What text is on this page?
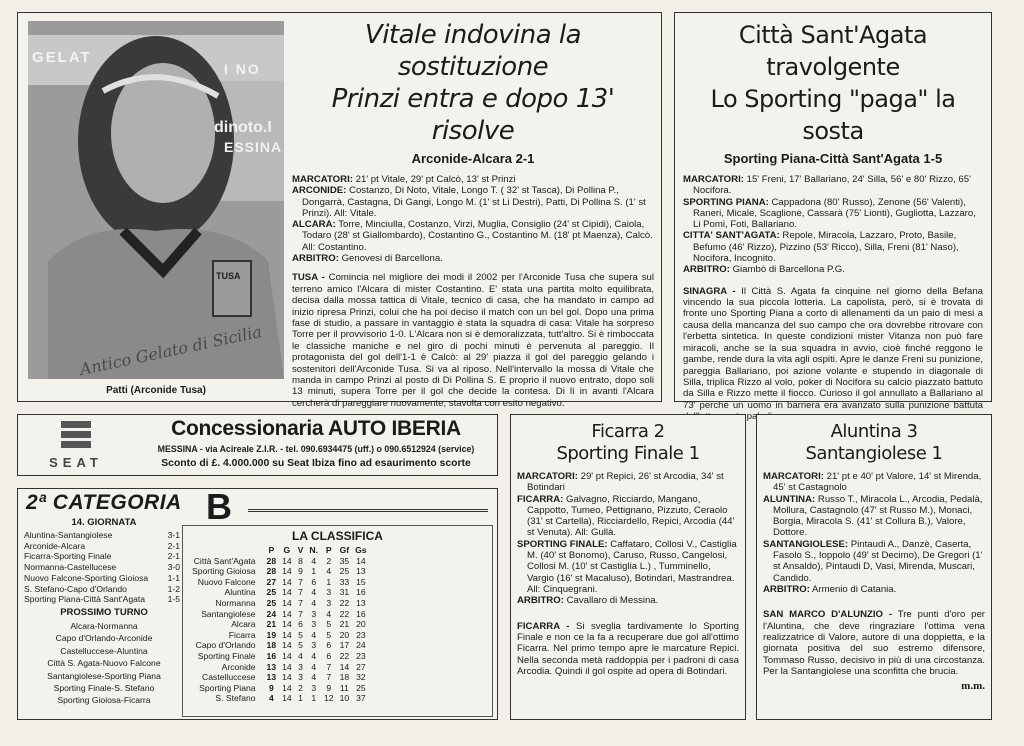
GELAT
I NO
dinoto.I
ESSINA
Antico Gelato di Sicilia
TUSA
Patti (Arconide Tusa)
Vitale indovina la sostituzione
Prinzi entra e dopo 13' risolve
Arconide-Alcara 2-1

MARCATORI: 21' pt Vitale, 29' pt Calcò, 13' st Prinzi

ARCONIDE: Costanzo, Di Noto, Vitale, Longo T. ( 32' st Tasca), Di Pollina P., Dongarrà, Castagna, Di Gangi, Longo M. (1' st Li Destri), Patti, Di Pollina S. (1' st Prinzi). All: Vitale.

ALCARA: Torre, Minciulla, Costanzo, Virzi, Muglia, Consiglio (24' st Cipidi), Caiola, Todaro (28' st Giallombardo), Costantino G., Costantino M. (18' pt Maenza), Calcò. All: Costantino.

ARBITRO: Genovesi di Barcellona.

TUSA - Comincia nel migliore dei modi il 2002 per l'Arconide Tusa che supera sul terreno amico l'Alcara di mister Costantino. E' stata una partita molto equilibrata, decisa dalla mossa tattica di Vitale, tecnico di casa, che ha mandato in campo ad inizio ripresa Prinzi, colui che ha poi deciso il match con un bel gol. Dopo una prima fase di studio, a passare in vantaggio è stata la squadra di casa: Vitale ha sorpreso Torre per il provvisorio 1-0. L'Alcara non si è demoralizzata, tutt'altro. Si è rimboccata le classiche maniche e nel giro di pochi minuti è pervenuta al pareggio. Il protagonista del gol dell'1-1 è Calcò: al 29' piazza il gol del pareggio gelando i sostenitori dell'Arconide Tusa. Si va al riposo. Nell'intervallo la mossa di Vitale che manda in campo Prinzi al posto di Di Pollina S. E proprio il nuovo entrato, dopo soli 13 minuti, supera Torre per il gol che decide la contesa. Di lì in avanti l'Alcara cercherà di pareggiare nuovamente, stavolta con esito negativo.

Città Sant'Agata travolgente
Lo Sporting "paga" la sosta
Sporting Piana-Città Sant'Agata 1-5

MARCATORI: 15' Freni, 17' Ballariano, 24' Silla, 56' e 80' Rizzo, 65' Nocifora.

SPORTING PIANA: Cappadona (80' Russo), Zenone (56' Valenti), Raneri, Micale, Scaglione, Cassarà (75' Lionti), Gugliotta, Lazzaro, Li Pomi, Foti, Ballariano.

CITTA' SANT'AGATA: Repole, Miracola, Lazzaro, Proto, Basile, Befumo (46' Rizzo), Pizzino (53' Ricco), Silla, Freni (81' Naso), Nocifora, Incognito.

ARBITRO: Giambò di Barcellona P.G.

SINAGRA - Il Città S. Agata fa cinquine nel giorno della Befana vincendo la sua piccola lotteria. La capolista, però, si è trovata di fronte uno Sporting Piana a corto di allenamenti da un paio di mesi a causa della mancanza del suo campo che ora dovrebbe ritrovare con l'erbetta sintetica. In queste condizioni mister Vitanza non può fare miracoli, anche se la sua squadra in avvio, cioè finché reggono le gambe, rende dura la vita agli ospiti. Apre le danze Freni su punizione, pareggia Ballariano, poi azione volante e stupendo in diagonale di Silla, triplica Rizzo al volo, poker di Nocifora su calcio piazzato battuto da Silla e Rizzo mette il fiocco. Curioso il gol annullato a Ballariano al 73' perché un uomo in barriera era avanzato sulla punizione battuta

SEAT
Concessionaria AUTO IBERIA
MESSINA - via Acireale Z.I.R. - tel. 090.6934475 (uff.) o 090.6512924 (service)
Sconto di £. 4.000.000 su Seat Ibiza fino ad esaurimento scorte
2ª CATEGORIA B
14. GIORNATA
Aluntina-Santangiolese	3-1
Arconide-Alcara	2-1
Ficarra-Sporting Finale	2-1
Normanna-Castellucese	3-0
Nuovo Falcone-Sporting Gioiosa 1-1
S. Stefano-Capo d'Orlando	1-2
Sporting Piana-Città Sant'Agata	1-5
PROSSIMO TURNO
Alcara-Normanna
Capo d'Orlando-Arconide
Castelluccese-Aluntina
Città S. Agata-Nuovo Falcone
Santangiolese-Sporting Piana
Sporting Finale-S. Stefano
Sporting Gioiosa-Ficarra
LA CLASSIFICA
	P	G	V	N.	P	Gf	Gs
Città Sant'Agata	28	14	8	4	2	35	14
Sporting Gioiosa	28	14	9	1	4	25	13
Nuovo Falcone	27	14	7	6	1	33	15
Aluntina	25	14	7	4	3	31	16
Normanna	25	14	7	4	3	22	13
Santangiolese	24	14	7	3	4	22	16
Alcara	21	14	6	3	5	21	20
Ficarra	19	14	5	4	5	20	23
Capo d'Orlando	18	14	5	3	6	17	24
Sporting Finale	16	14	4	4	6	22	23
Arconide	13	14	3	4	7	14	27
Castelluccese	13	14	3	4	7	18	32
Sporting Piana	9	14	2	3	9	11	25
S. Stefano	4	14	1	1	12	10	37
Ficarra 2
Sporting Finale 1

MARCATORI: 29' pt Repici, 26' st Arcodia, 34' st Botindari

FICARRA: Galvagno, Ricciardo, Mangano, Cappotto, Tumeo, Pettignano, Pizzuto, Ceraolo (31' st Cartella), Ricciardello, Repici, Arcodia (44' st Venuta). All: Gullà.

SPORTING FINALE: Caffataro, Collosi V., Castiglia M. (40' st Bonomo), Caruso, Russo, Cangelosi, Collosi M. (10' st Castiglia L.) , Tumminello, Vargio (16' st Macaluso), Botindari, Mastrandrea. All: Cinquegrani.

ARBITRO: Cavallaro di Messina.

FICARRA - Si sveglia tardivamente lo Sporting Finale e non ce la fa a recuperare due gol all'ottimo Ficarra. Nel primo tempo apre le marcature Repici. Nella seconda metà raddoppia per i padroni di casa Arcodia. Quindi il gol ospite ad opera di Botindari.

Aluntina 3
Santangiolese 1

MARCATORI: 21' pt e 40' pt Valore, 14' st Mirenda, 45' st Castagnolo

ALUNTINA: Russo T., Miracola L., Arcodia, Pedalà, Mollura, Castagnolo (47' st Russo M.), Monaci, Borgia, Miracola S. (41' st Collura B.), Valore, Dottore.

SANTANGIOLESE: Pintaudi A., Danzè, Caserta, Fasolo S., Ioppolo (49' st Decimo), De Gregori (1' st Ansaldo), Pintaudi D, Vasi, Mirenda, Muscari, Candido.

ARBITRO: Armenio di Catania.

SAN MARCO D'ALUNZIO - Tre punti d'oro per l'Aluntina, che deve ringraziare l'ottima vena realizzatrice di Valore, autore di una doppietta, e la giornata positiva del suo estremo difensore, Tommaso Russo, decisivo in più di una circostanza. Per la Santangiolese una sconfitta che brucia.

m.m.
